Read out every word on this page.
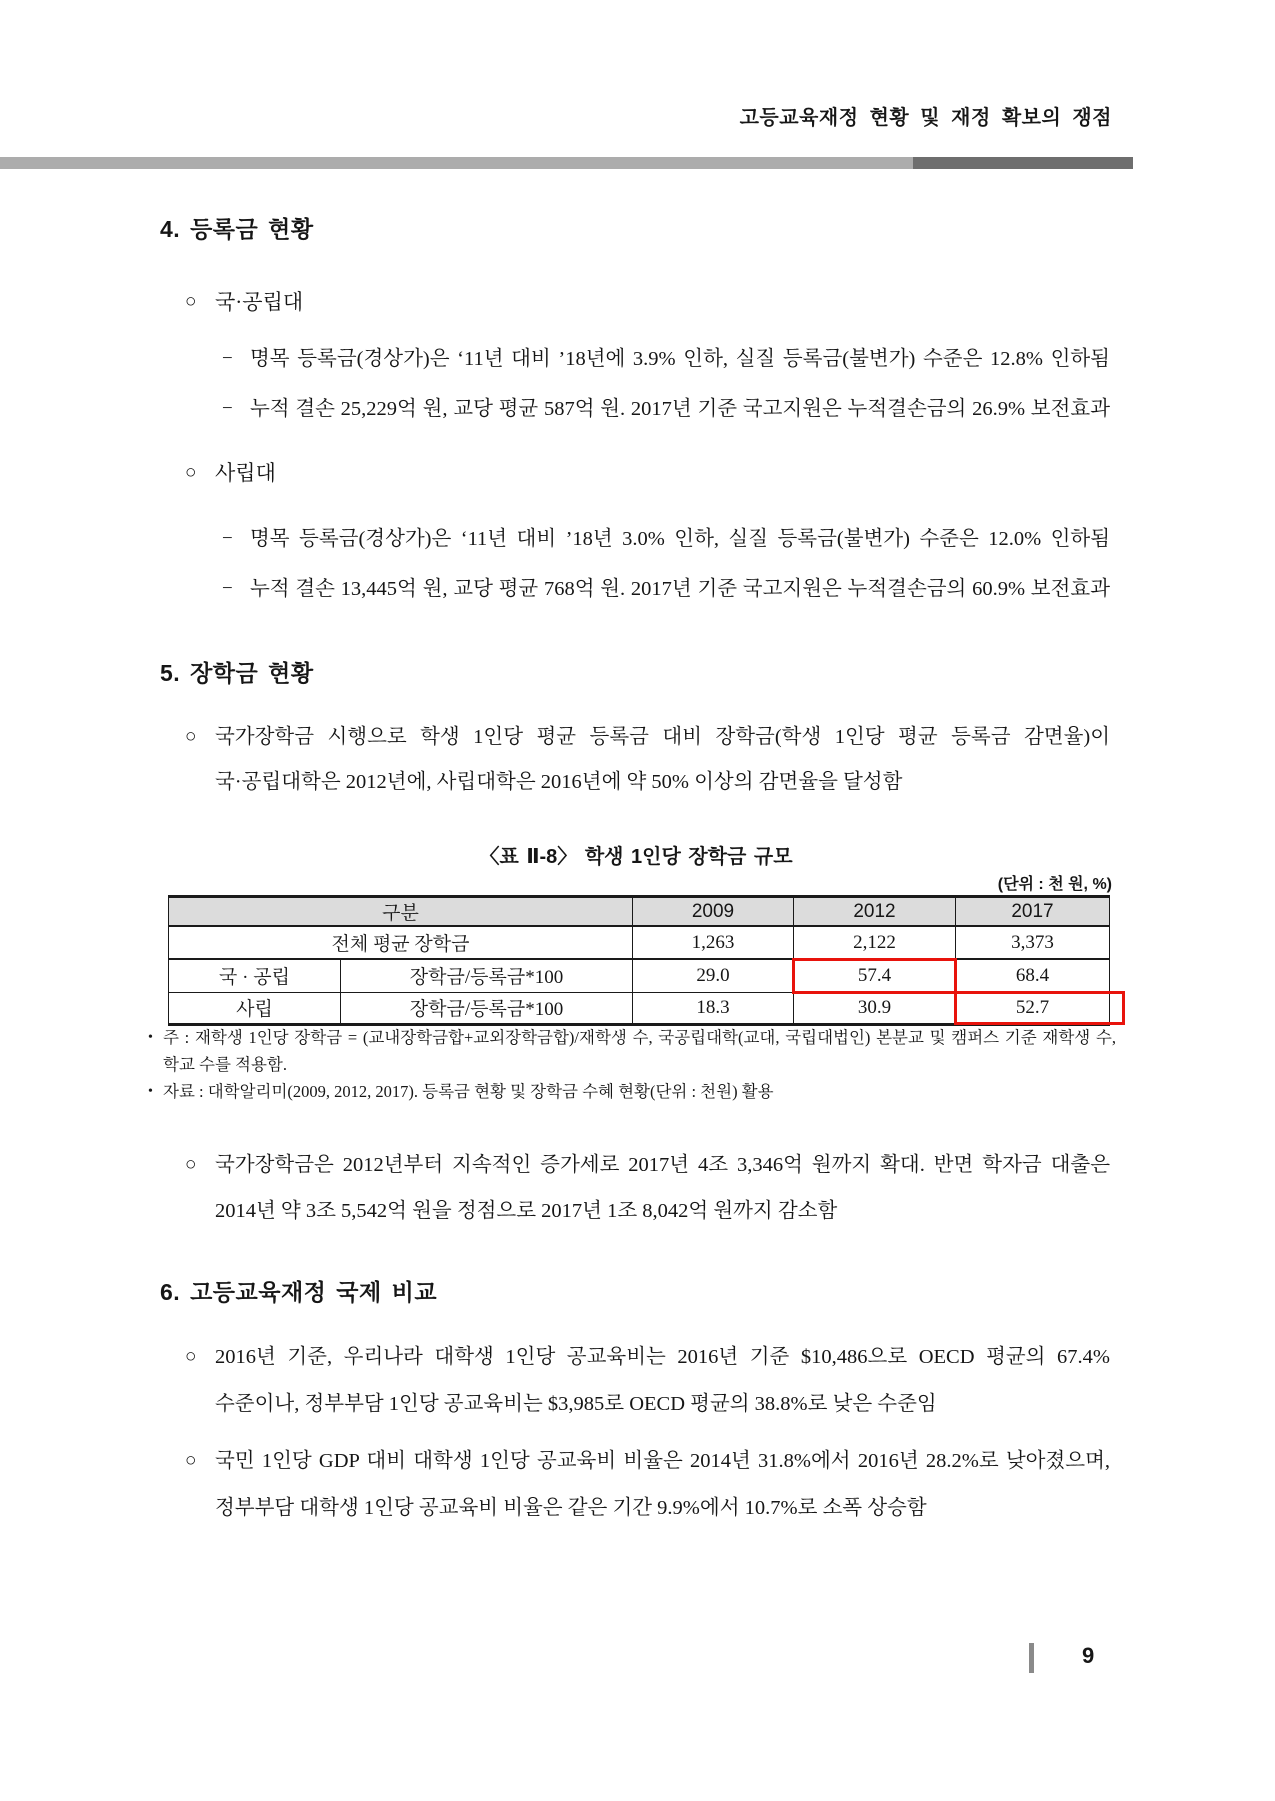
고등교육재정 현황 및 재정 확보의 쟁점
4. 등록금 현황
○ 국·공립대
− 명목 등록금(경상가)은 ‘11년 대비 ’18년에 3.9% 인하, 실질 등록금(불변가) 수준은 12.8% 인하됨
− 누적 결손 25,229억 원, 교당 평균 587억 원. 2017년 기준 국고지원은 누적결손금의 26.9% 보전효과
○ 사립대
− 명목 등록금(경상가)은 ‘11년 대비 ’18년 3.0% 인하, 실질 등록금(불변가) 수준은 12.0% 인하됨
− 누적 결손 13,445억 원, 교당 평균 768억 원. 2017년 기준 국고지원은 누적결손금의 60.9% 보전효과
5. 장학금 현황
○ 국가장학금 시행으로 학생 1인당 평균 등록금 대비 장학금(학생 1인당 평균 등록금 감면율)이
국·공립대학은 2012년에, 사립대학은 2016년에 약 50% 이상의 감면율을 달성함
〈표 Ⅱ-8〉 학생 1인당 장학금 규모
(단위 : 천 원, %)
구분		2009	2012	2017
전체 평균 장학금		1,263	2,122	3,373
국 · 공립	장학금/등록금*100	29.0	57.4	68.4
사립	장학금/등록금*100	18.3	30.9	52.7
• 주 : 재학생 1인당 장학금 = (교내장학금합+교외장학금합)/재학생 수, 국공립대학(교대, 국립대법인) 본분교 및 캠퍼스 기준 재학생 수, 학교 수를 적용함.
• 자료 : 대학알리미(2009, 2012, 2017). 등록금 현황 및 장학금 수혜 현황(단위 : 천원) 활용
○ 국가장학금은 2012년부터 지속적인 증가세로 2017년 4조 3,346억 원까지 확대. 반면 학자금 대출은
2014년 약 3조 5,542억 원을 정점으로 2017년 1조 8,042억 원까지 감소함
6. 고등교육재정 국제 비교
○ 2016년 기준, 우리나라 대학생 1인당 공교육비는 2016년 기준 $10,486으로 OECD 평균의 67.4%
수준이나, 정부부담 1인당 공교육비는 $3,985로 OECD 평균의 38.8%로 낮은 수준임
○ 국민 1인당 GDP 대비 대학생 1인당 공교육비 비율은 2014년 31.8%에서 2016년 28.2%로 낮아졌으며,
정부부담 대학생 1인당 공교육비 비율은 같은 기간 9.9%에서 10.7%로 소폭 상승함
9
